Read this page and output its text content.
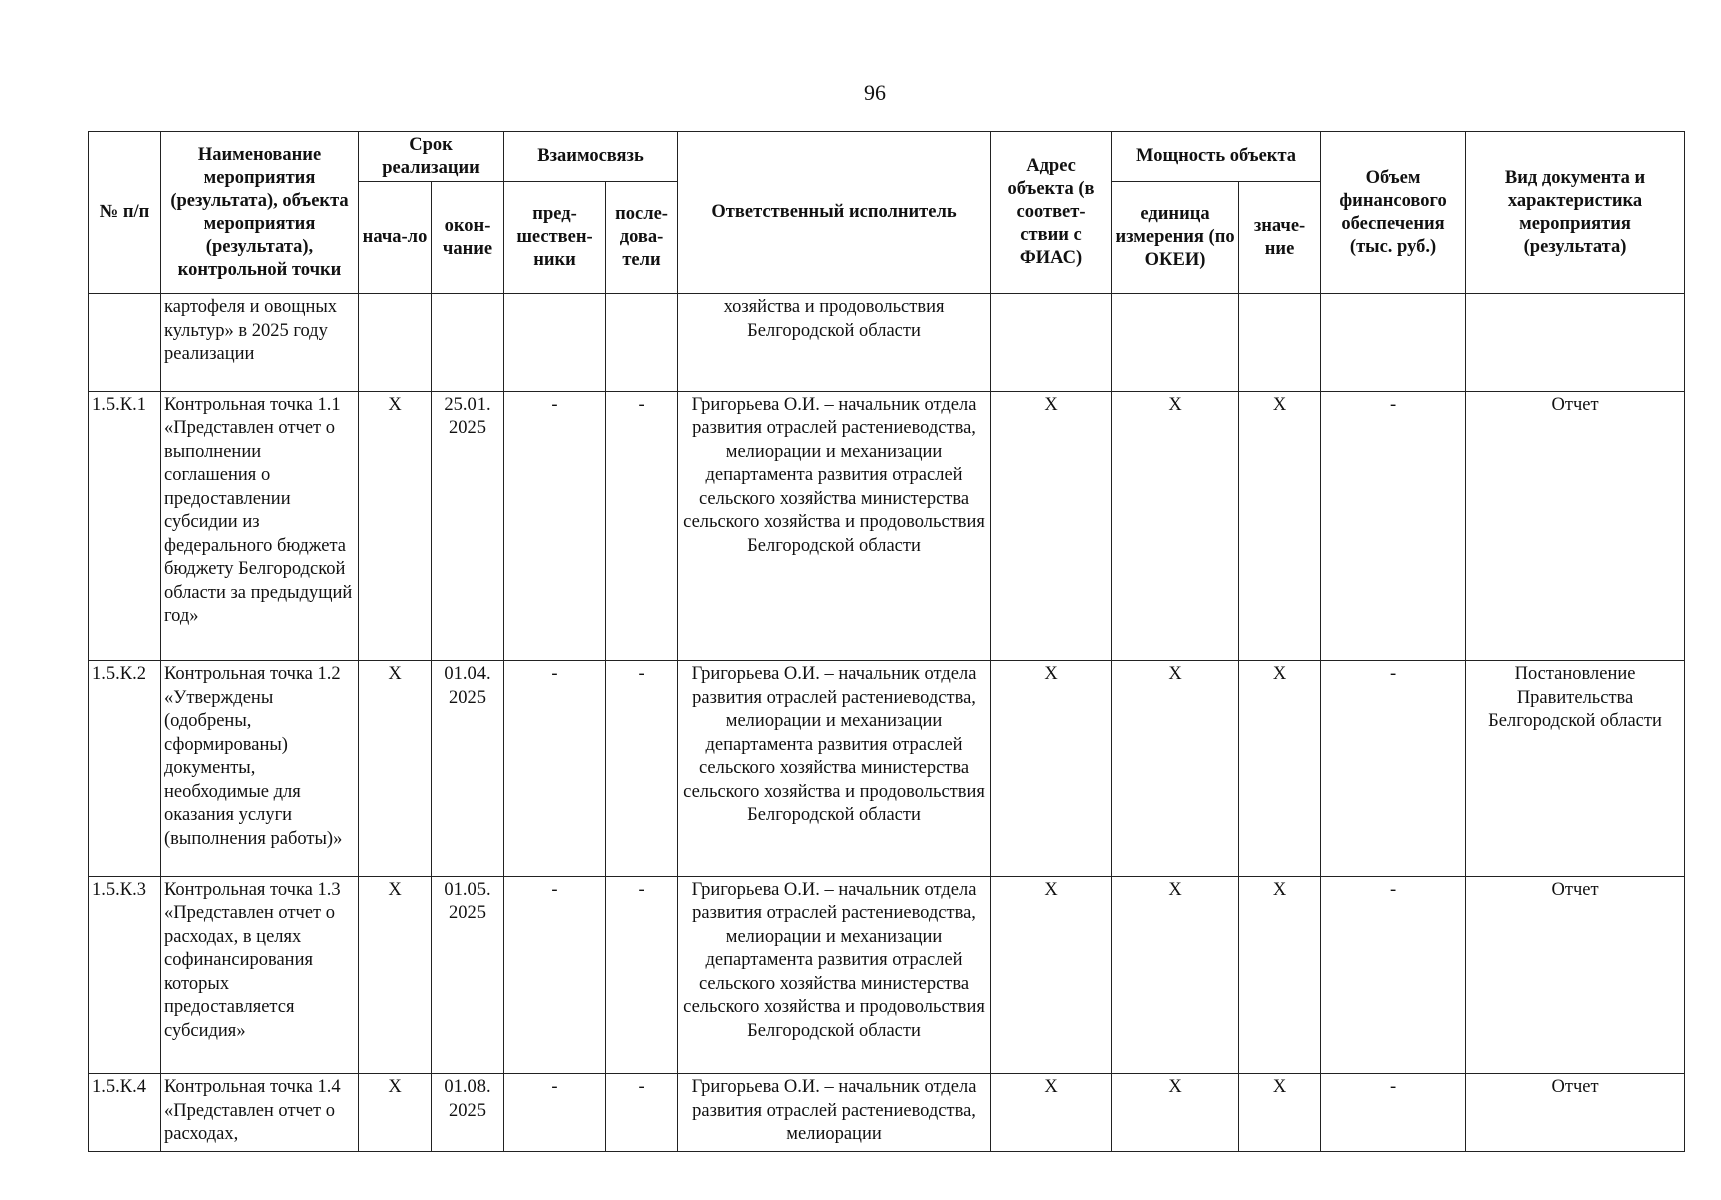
96
№ п/п	Наименование мероприятия (результата), объекта мероприятия (результата), контрольной точки	Срок реализации		Взаимосвязь		Ответственный исполнитель	Адрес объекта (в соответ-ствии с ФИАС)	Мощность объекта		Объем финансового обеспечения (тыс. руб.)	Вид документа и характеристика мероприятия (результата)
		нача-ло	окон-чание	пред-шествен-ники	после-дова-тели			единица измерения (по ОКЕИ)	значе-ние		
	картофеля и овощных культур» в 2025 году реализации					хозяйства и продовольствия Белгородской области					
1.5.К.1	Контрольная точка 1.1 «Представлен отчет о выполнении соглашения о предоставлении субсидии из федерального бюджета бюджету Белгородской области за предыдущий год»	Х	25.01. 2025	-	-	Григорьева О.И. – начальник отдела развития отраслей растениеводства, мелиорации и механизации департамента развития отраслей сельского хозяйства министерства сельского хозяйства и продовольствия Белгородской области	Х	Х	Х	-	Отчет
1.5.К.2	Контрольная точка 1.2 «Утверждены (одобрены, сформированы) документы, необходимые для оказания услуги (выполнения работы)»	Х	01.04. 2025	-	-	Григорьева О.И. – начальник отдела развития отраслей растениеводства, мелиорации и механизации департамента развития отраслей сельского хозяйства министерства сельского хозяйства и продовольствия Белгородской области	Х	Х	Х	-	Постановление Правительства Белгородской области
1.5.К.3	Контрольная точка 1.3 «Представлен отчет о расходах, в целях софинансирования которых предоставляется субсидия»	Х	01.05. 2025	-	-	Григорьева О.И. – начальник отдела развития отраслей растениеводства, мелиорации и механизации департамента развития отраслей сельского хозяйства министерства сельского хозяйства и продовольствия Белгородской области	Х	Х	Х	-	Отчет
1.5.К.4	Контрольная точка 1.4 «Представлен отчет о расходах,	Х	01.08. 2025	-	-	Григорьева О.И. – начальник отдела развития отраслей растениеводства, мелиорации	Х	Х	Х	-	Отчет
